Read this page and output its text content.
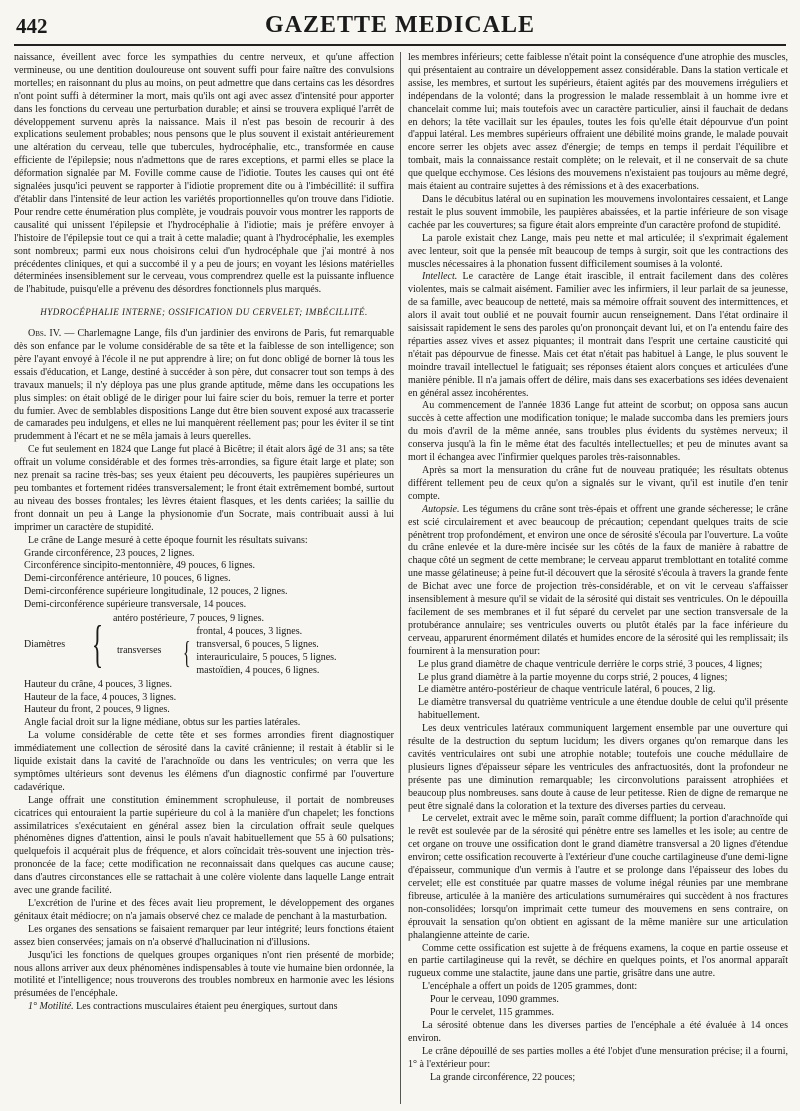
442	GAZETTE MEDICALE

naissance, éveillent avec force les sympathies du centre nerveux, et qu'une affection vermineuse, ou une dentition douloureuse ont souvent suffi pour faire naître des convulsions mortelles; en raisonnant du plus au moins, on peut admettre que dans certains cas les désordres n'ont point suffi à déterminer la mort, mais qu'ils ont agi avec assez d'intensité pour apporter dans les fonctions du cerveau une perturbation durable; et ainsi se trouvera expliqué l'arrêt de développement survenu après la naissance. Mais il n'est pas besoin de recourir à des explications seulement probables; nous pensons que le plus souvent il existait antérieurement une altération du cerveau, telle que tubercules, hydrocéphalie, etc., transformée en cause efficiente de l'épilepsie; nous n'admettons que de rares exceptions, et parmi elles se place la déformation signalée par M. Foville comme cause de l'idiotie. Toutes les causes qui ont été signalées jusqu'ici peuvent se rapporter à l'idiotie proprement dite ou à l'imbécillité: il suffira d'établir dans l'intensité de leur action les variétés proportionnelles qu'on trouve dans l'idiotie. Pour rendre cette énumération plus complète, je voudrais pouvoir vous montrer les rapports de causalité qui unissent l'épilepsie et l'hydrocéphalie à l'idiotie; mais je préfère envoyer à l'histoire de l'épilepsie tout ce qui a trait à cette maladie; quant à l'hydrocéphalie, les exemples sont nombreux; parmi eux nous choisirons celui d'un hydrocéphale que j'ai montré à nos précédentes cliniques, et qui a succombé il y a peu de jours; en voyant les lésions matérielles déterminées insensiblement sur le cerveau, vous comprendrez quelle est la puissante influence de l'habitude, puisqu'elle a prévenu des désordres fonctionnels plus marqués.

HYDROCÉPHALIE INTERNE; OSSIFICATION DU CERVELET; IMBÉCILLITÉ.

Obs. IV. — Charlemagne Lange, fils d'un jardinier des environs de Paris, fut remarquable dès son enfance par le volume considérable de sa tête et la faiblesse de son intelligence; son père l'ayant envoyé à l'école il ne put apprendre à lire; on fut donc obligé de borner là tous les essais d'éducation, et Lange, destiné à succéder à son père, dut consacrer tout son temps à des travaux manuels; il n'y déploya pas une plus grande aptitude, même dans les occupations les plus simples: on était obligé de le diriger pour lui faire scier du bois, remuer la terre et porter du fumier. Avec de semblables dispositions Lange dut être bien souvent exposé aux tracasserie de camarades peu indulgens, et elles ne lui manquèrent réellement pas; pour les éviter il se tint prudemment à l'écart et ne se mêla jamais à leurs querelles.

Ce fut seulement en 1824 que Lange fut placé à Bicêtre; il était alors âgé de 31 ans; sa tête offrait un volume considérable et des formes très-arrondies, sa figure était large et plate; son nez prenait sa racine très-bas; ses yeux étaient peu découverts, les paupières supérieures un peu tombantes et fortement ridées transversalement; le front était extrêmement bombé, surtout au niveau des bosses frontales; les lèvres étaient flasques, et les dents cariées; la saillie du front donnait un peu à Lange la physionomie d'un Socrate, mais contribuait aussi à lui imprimer un caractère de stupidité.

Le crâne de Lange mesuré à cette époque fournit les résultats suivans:

Grande circonférence, 23 pouces, 2 lignes.
Circonférence sincipito-mentonnière, 49 pouces, 6 lignes.
Demi-circonférence antérieure, 10 pouces, 6 lignes.
Demi-circonférence supérieure longitudinale, 12 pouces, 2 lignes.
Demi-circonférence supérieure transversale, 14 pouces.
Diamètres { antéro postérieure, 7 pouces, 9 lignes.
transverses {
frontal, 4 pouces, 3 lignes.
transversal, 6 pouces, 5 lignes.
interauriculaire, 5 pouces, 5 lignes.
mastoïdien, 4 pouces, 6 lignes.
Hauteur du crâne, 4 pouces, 3 lignes.
Hauteur de la face, 4 pouces, 3 lignes.
Hauteur du front, 2 pouces, 9 lignes.
Angle facial droit sur la ligne médiane, obtus sur les parties latérales.

La volume considérable de cette tête et ses formes arrondies firent diagnostiquer immédiatement une collection de sérosité dans la cavité crânienne; il restait à établir si le liquide existait dans la cavité de l'arachnoïde ou dans les ventricules; on verra que les symptômes ultérieurs sont devenus les élémens d'un diagnostic confirmé par l'ouverture cadavérique.

Lange offrait une constitution éminemment scrophuleuse, il portait de nombreuses cicatrices qui entouraient la partie supérieure du col à la manière d'un chapelet; les fonctions assimilatrices s'exécutaient en général assez bien la circulation offrait seule quelques phénomènes dignes d'attention, ainsi le pouls n'avait habituellement que 55 à 60 pulsations; quelquefois il acquérait plus de fréquence, et alors coïncidait très-souvent une injection très-prononcée de la face; cette modification ne reconnaissait dans quelques cas aucune cause; dans d'autres circonstances elle se rattachait à une colère violente dans laquelle Lange entrait avec une grande facilité.

L'excrétion de l'urine et des fèces avait lieu proprement, le développement des organes génitaux était médiocre; on n'a jamais observé chez ce malade de penchant à la masturbation.

Les organes des sensations se faisaient remarquer par leur intégrité; leurs fonctions étaient assez bien conservées; jamais on n'a observé d'hallucination ni d'illusions.

Jusqu'ici les fonctions de quelques groupes organiques n'ont rien présenté de morbide; nous allons arriver aux deux phénomènes indispensables à toute vie humaine bien ordonnée, la motilité et l'intelligence; nous trouverons des troubles nombreux en harmonie avec les lésions présumées de l'encéphale.

1° Motilité. Les contractions musculaires étaient peu énergiques, surtout dans

les membres inférieurs; cette faiblesse n'était point la conséquence d'une atrophie des muscles, qui présentaient au contraire un développement assez considérable. Dans la station verticale et assise, les membres, et surtout les supérieurs, étaient agités par des mouvemens irréguliers et indépendans de la volonté; dans la progression le malade ressemblait à un homme ivre et chancelait comme lui; mais toutefois avec un caractère particulier, ainsi il fauchait de dedans en dehors; la tête vacillait sur les épaules, toutes les fois qu'elle était dépourvue d'un point d'appui latéral. Les membres supérieurs offraient une débilité moins grande, le malade pouvait encore serrer les objets avec assez d'énergie; de temps en temps il perdait l'équilibre et tombait, mais la connaissance restait complète; on le relevait, et il ne conservait de sa chute que quelque ecchymose. Ces lésions des mouvemens n'existaient pas toujours au même degré, mais étaient au contraire sujettes à des rémissions et à des exacerbations.

Dans le décubitus latéral ou en supination les mouvemens involontaires cessaient, et Lange restait le plus souvent immobile, les paupières abaissées, et la partie inférieure de son visage cachée par les couvertures; sa figure était alors empreinte d'un caractère profond de stupidité.

La parole existait chez Lange, mais peu nette et mal articulée; il s'exprimait également avec lenteur, soit que la pensée mît beaucoup de temps à surgir, soit que les contractions des muscles nécessaires à la phonation fussent difficilement soumises à la volonté.

Intellect. Le caractère de Lange était irascible, il entrait facilement dans des colères violentes, mais se calmait aisément. Familier avec les infirmiers, il leur parlait de sa jeunesse, de sa famille, avec beaucoup de netteté, mais sa mémoire offrait souvent des intermittences, et alors il avait tout oublié et ne pouvait fournir aucun renseignement. Dans l'état ordinaire il saisissait rapidement le sens des paroles qu'on prononçait devant lui, et on l'a entendu faire des réparties assez vives et assez piquantes; il montrait dans l'esprit une certaine causticité qui n'était pas dépourvue de finesse. Mais cet état n'était pas habituel à Lange, le plus souvent le moindre travail intellectuel le fatiguait; ses réponses étaient alors conçues et articulées d'une manière pénible. Il n'a jamais offert de délire, mais dans ses exacerbations ses idées devenaient en général assez incohérentes.

Au commencement de l'année 1836 Lange fut atteint de scorbut; on opposa sans aucun succès à cette affection une modification tonique; le malade succomba dans les premiers jours du mois d'avril de la même année, sans troubles plus évidents du systèmes nerveux; il conserva jusqu'à la fin le même état des facultés intellectuelles; et peu de minutes avant sa mort il échangea avec l'infirmier quelques paroles très-raisonnables.

Après sa mort la mensuration du crâne fut de nouveau pratiquée; les résultats obtenus différent tellement peu de ceux qu'on a signalés sur le vivant, qu'il est inutile d'en tenir compte.

Autopsie. Les tégumens du crâne sont très-épais et offrent une grande sécheresse; le crâne est scié circulairement et avec beaucoup de précaution; cependant quelques traits de scie pénètrent trop profondément, et environ une once de sérosité s'écoula par l'ouverture. La voûte du crâne enlevée et la dure-mère incisée sur les côtés de la faux de manière à rabattre de chaque côté un segment de cette membrane; le cerveau apparut tremblottant en totalité comme une masse gélatineuse; à peine fut-il découvert que la sérosité s'écoula à travers la grande fente de Bichat avec une force de projection très-considérable, et on vit le cerveau s'affaisser insensiblement à mesure qu'il se vidait de la sérosité qui distait ses ventricules. On le dépouilla facilement de ses membranes et il fut séparé du cervelet par une section transversale de la protubérance annulaire; ses ventricules ouverts ou plutôt étalés par la face inférieure du cerveau, apparurent énormément dilatés et humides encore de la sérosité qui les remplissait; ils fournirent à la mensuration pour:

Le plus grand diamètre de chaque ventricule derrière le corps strié, 3 pouces, 4 lignes;
Le plus grand diamètre à la partie moyenne du corps strié, 2 pouces, 4 lignes;
Le diamètre antéro-postérieur de chaque ventricule latéral, 6 pouces, 2 lig.
Le diamètre transversal du quatrième ventricule a une étendue double de celui qu'il présente habituellement.

Les deux ventricules latéraux communiquent largement ensemble par une ouverture qui résulte de la destruction du septum lucidum; les divers organes qu'on remarque dans les cavités ventriculaires ont subi une atrophie notable; toutefois une couche médullaire de plusieurs lignes d'épaisseur sépare les ventricules des anfractuosités, dont la profondeur ne présente pas une diminution remarquable; les circonvolutions paraissent atrophiées et beaucoup plus nombreuses. sans doute à cause de leur petitesse. Rien de digne de remarque ne peut être signalé dans la coloration et la texture des diverses parties du cerveau.

Le cervelet, extrait avec le même soin, paraît comme diffluent; la portion d'arachnoïde qui le revêt est soulevée par de la sérosité qui pénètre entre ses lamelles et les isole; au centre de cet organe on trouve une ossification dont le grand diamètre transversal a 20 lignes d'étendue environ; cette ossification recouverte à l'extérieur d'une couche cartilagineuse d'une demi-ligne d'épaisseur, communique d'un vermis à l'autre et se prolonge dans l'épaisseur des lobes du cervelet; elle est constituée par quatre masses de volume inégal réunies par une membrane fibreuse, articulée à la manière des articulations surnuméraires qui succèdent à nos fractures non-consolidées; lorsqu'on imprimait cette tumeur des mouvemens en sens contraire, on éprouvait la sensation qu'on obtient en agissant de la même manière sur une articulation phalangienne atteinte de carie.

Comme cette ossification est sujette à de fréquens examens, la coque en partie osseuse et en partie cartilagineuse qui la revêt, se déchire en quelques points, et l'os anormal apparaît rugueux comme une stalactite, jaune dans une partie, grisâtre dans une autre.

L'encéphale a offert un poids de 1205 grammes, dont:

Pour le cerveau, 1090 grammes.
Pour le cervelet, 115 grammes.

La sérosité obtenue dans les diverses parties de l'encéphale a été évaluée à 14 onces environ.

Le crâne dépouillé de ses parties molles a été l'objet d'une mensuration précise; il a fourni, 1° à l'extérieur pour:

La grande circonférence, 22 pouces;
